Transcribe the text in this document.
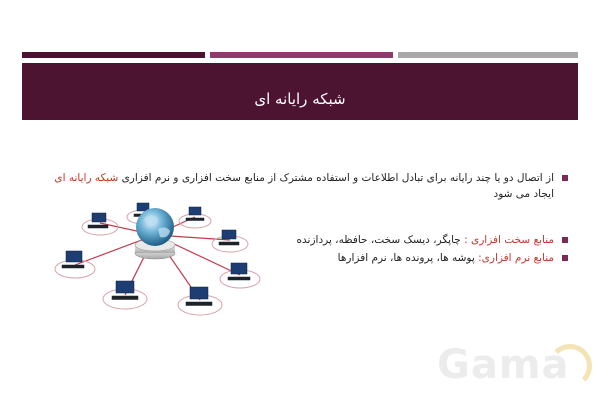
شبکه رایانه ای
از اتصال دو یا چند رایانه برای تبادل اطلاعات و استفاده مشترک از منابع سخت افزاری و نرم افزاری شبکه رایانه ای ایجاد می شود
منابع سخت افزاری : چاپگر، دیسک سخت، حافظه، پردازنده
منابع نرم افزاری: پوشه ها، پرونده ها، نرم افزارها
Gama
